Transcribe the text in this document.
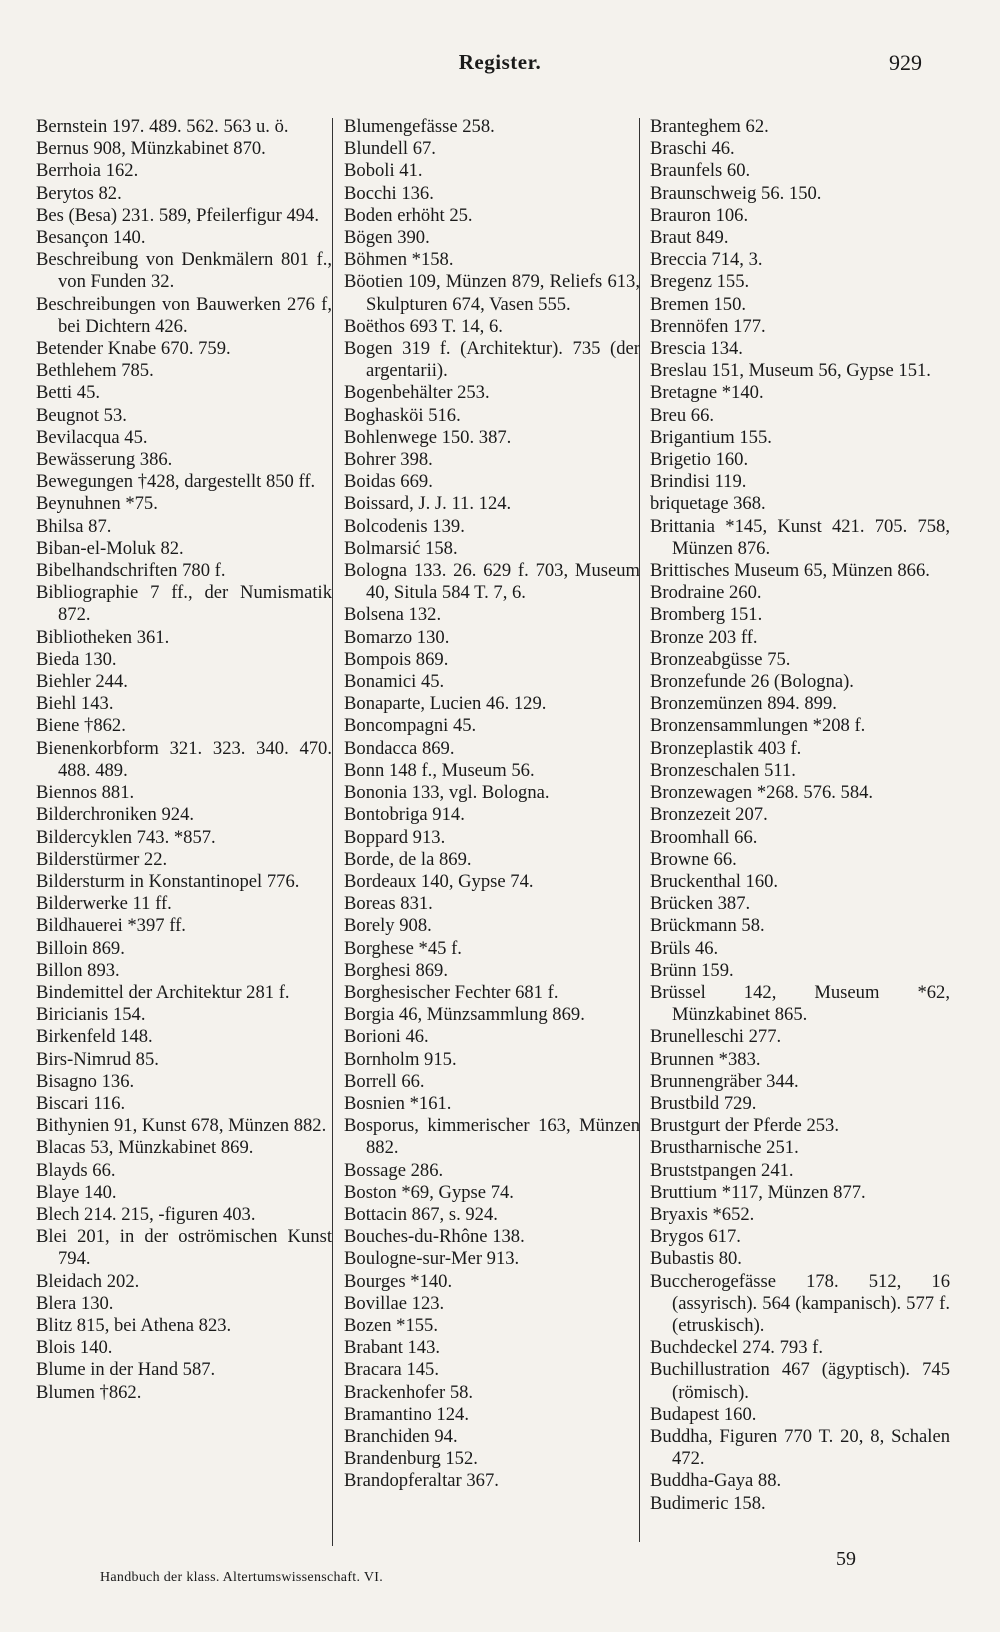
Register.	929
Bernstein 197. 489. 562. 563 u. ö.
Bernus 908, Münzkabinet 870.
Berrhoia 162.
Berytos 82.
Bes (Besa) 231. 589, Pfeilerfigur 494.
Besançon 140.
Beschreibung von Denkmälern 801 f., von Funden 32.
Beschreibungen von Bauwerken 276 f, bei Dichtern 426.
Betender Knabe 670. 759.
Bethlehem 785.
Betti 45.
Beugnot 53.
Bevilacqua 45.
Bewässerung 386.
Bewegungen †428, dargestellt 850 ff.
Beynuhnen *75.
Bhilsa 87.
Biban-el-Moluk 82.
Bibelhandschriften 780 f.
Bibliographie 7 ff., der Numismatik 872.
Bibliotheken 361.
Bieda 130.
Biehler 244.
Biehl 143.
Biene †862.
Bienenkorbform 321. 323. 340. 470. 488. 489.
Biennos 881.
Bilderchroniken 924.
Bildercyklen 743. *857.
Bilderstürmer 22.
Bildersturm in Konstantinopel 776.
Bilderwerke 11 ff.
Bildhauerei *397 ff.
Billoin 869.
Billon 893.
Bindemittel der Architektur 281 f.
Biricianis 154.
Birkenfeld 148.
Birs-Nimrud 85.
Bisagno 136.
Biscari 116.
Bithynien 91, Kunst 678, Münzen 882.
Blacas 53, Münzkabinet 869.
Blayds 66.
Blaye 140.
Blech 214. 215, -figuren 403.
Blei 201, in der oströmischen Kunst 794.
Bleidach 202.
Blera 130.
Blitz 815, bei Athena 823.
Blois 140.
Blume in der Hand 587.
Blumen †862.
Blumengefässe 258.
Blundell 67.
Boboli 41.
Bocchi 136.
Boden erhöht 25.
Bögen 390.
Böhmen *158.
Böotien 109, Münzen 879, Reliefs 613, Skulpturen 674, Vasen 555.
Boëthos 693 T. 14, 6.
Bogen 319 f. (Architektur). 735 (der argentarii).
Bogenbehälter 253.
Boghasköi 516.
Bohlenwege 150. 387.
Bohrer 398.
Boidas 669.
Boissard, J. J. 11. 124.
Bolcodenis 139.
Bolmarsić 158.
Bologna 133. 26. 629 f. 703, Museum 40, Situla 584 T. 7, 6.
Bolsena 132.
Bomarzo 130.
Bompois 869.
Bonamici 45.
Bonaparte, Lucien 46. 129.
Boncompagni 45.
Bondacca 869.
Bonn 148 f., Museum 56.
Bononia 133, vgl. Bologna.
Bontobriga 914.
Boppard 913.
Borde, de la 869.
Bordeaux 140, Gypse 74.
Boreas 831.
Borely 908.
Borghese *45 f.
Borghesi 869.
Borghesischer Fechter 681 f.
Borgia 46, Münzsammlung 869.
Borioni 46.
Bornholm 915.
Borrell 66.
Bosnien *161.
Bosporus, kimmerischer 163, Münzen 882.
Bossage 286.
Boston *69, Gypse 74.
Bottacin 867, s. 924.
Bouches-du-Rhône 138.
Boulogne-sur-Mer 913.
Bourges *140.
Bovillae 123.
Bozen *155.
Brabant 143.
Bracara 145.
Brackenhofer 58.
Bramantino 124.
Branchiden 94.
Brandenburg 152.
Brandopferaltar 367.
Branteghem 62.
Braschi 46.
Braunfels 60.
Braunschweig 56. 150.
Brauron 106.
Braut 849.
Breccia 714, 3.
Bregenz 155.
Bremen 150.
Brennöfen 177.
Brescia 134.
Breslau 151, Museum 56, Gypse 151.
Bretagne *140.
Breu 66.
Brigantium 155.
Brigetio 160.
Brindisi 119.
briquetage 368.
Brittania *145, Kunst 421. 705. 758, Münzen 876.
Brittisches Museum 65, Münzen 866.
Brodraine 260.
Bromberg 151.
Bronze 203 ff.
Bronzeabgüsse 75.
Bronzefunde 26 (Bologna).
Bronzemünzen 894. 899.
Bronzensammlungen *208 f.
Bronzeplastik 403 f.
Bronzeschalen 511.
Bronzewagen *268. 576. 584.
Bronzezeit 207.
Broomhall 66.
Browne 66.
Bruckenthal 160.
Brücken 387.
Brückmann 58.
Brüls 46.
Brünn 159.
Brüssel 142, Museum *62, Münzkabinet 865.
Brunelleschi 277.
Brunnen *383.
Brunnengräber 344.
Brustbild 729.
Brustgurt der Pferde 253.
Brustharnische 251.
Bruststpangen 241.
Bruttium *117, Münzen 877.
Bryaxis *652.
Brygos 617.
Bubastis 80.
Buccherogefässe 178. 512, 16 (assyrisch). 564 (kampanisch). 577 f. (etruskisch).
Buchdeckel 274. 793 f.
Buchillustration 467 (ägyptisch). 745 (römisch).
Budapest 160.
Buddha, Figuren 770 T. 20, 8, Schalen 472.
Buddha-Gaya 88.
Budimeric 158.
Handbuch der klass. Altertumswissenschaft. VI.
59
